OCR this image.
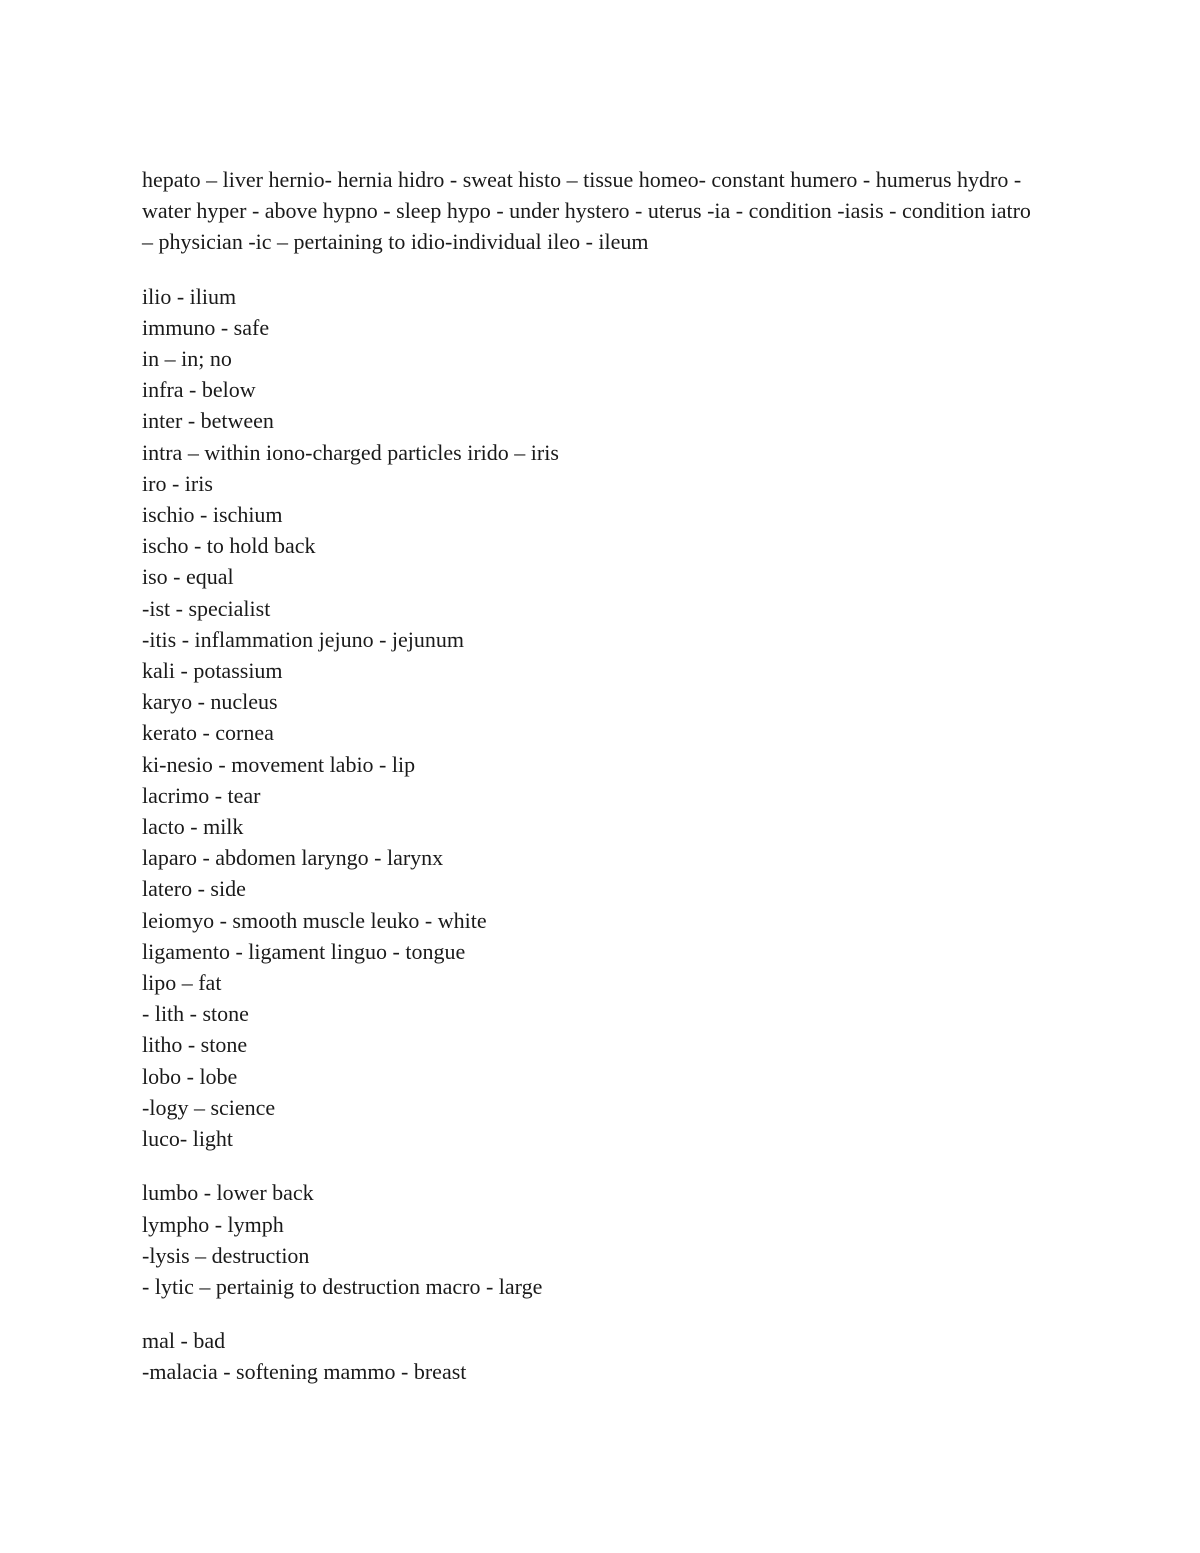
hepato – liver hernio- hernia hidro - sweat histo – tissue homeo- constant humero - humerus hydro - water hyper - above hypno - sleep hypo - under hystero - uterus -ia - condition -iasis - condition iatro – physician -ic – pertaining to idio-individual ileo - ileum

ilio - ilium
immuno - safe
in – in; no
infra - below
inter - between
intra – within iono-charged particles irido – iris
iro - iris
ischio - ischium
ischo - to hold back
iso - equal
-ist - specialist
-itis - inflammation jejuno - jejunum
kali - potassium
karyo - nucleus
kerato - cornea
ki-nesio - movement labio - lip
lacrimo - tear
lacto - milk
laparo - abdomen laryngo - larynx
latero - side
leiomyo - smooth muscle leuko - white
ligamento - ligament linguo - tongue
lipo – fat
- lith - stone
litho - stone
lobo - lobe
-logy – science
luco- light
lumbo - lower back
lympho - lymph
-lysis – destruction
- lytic – pertainig to destruction macro - large
mal - bad
-malacia - softening mammo - breast
